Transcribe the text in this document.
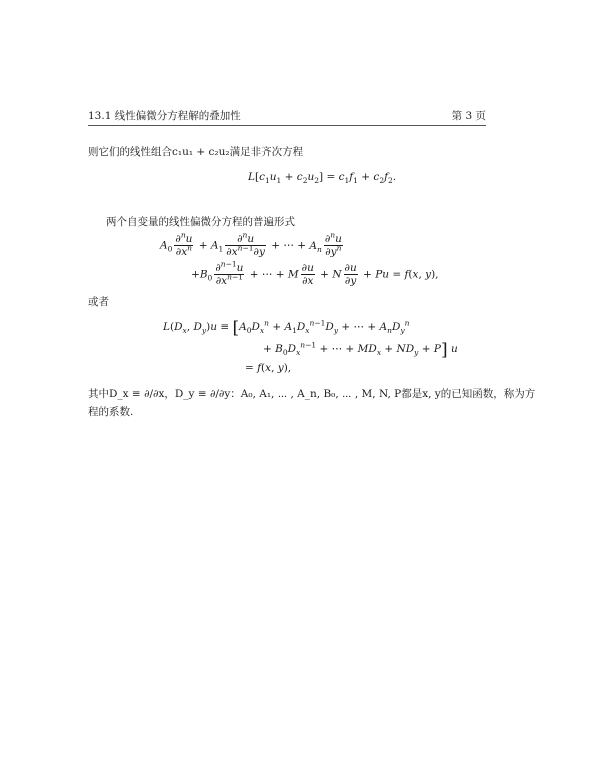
13.1 线性偏微分方程解的叠加性	第 3 页
则它们的线性组合c₁u₁ + c₂u₂满足非齐次方程
$L[c_1u_1 + c_2u_2] = c_1f_1 + c_2f_2$.
两个自变量的线性偏微分方程的普遍形式
$A_0 \frac{\partial^nu}{\partial x^n} + A_1 \frac{\partial^nu}{\partial x^{n-1}\partial y}$ + ⋯ + $A_n \frac{\partial^nu}{\partial y^n}$
$+B_0 \frac{\partial^{n-1}u}{\partial x^{n-1}}$ + ⋯ + M $\frac{\partial u}{\partial x} + N \frac{\partial u}{\partial y} + Pu = f(x$, y),
或者
$L(D_x$, $D_y)u \equiv [A_0D_x^n + A_1D_x^{n-1}D_y$ + ⋯ + $A_nD_y^n$
+ $B_0D_x^{n-1}$ + ⋯ + $MD_x + ND_y + P$] u
= f(x, y),
其中D_x ≡ ∂/∂x，D_y ≡ ∂/∂y：A₀, A₁, ⋯ , A_n, B₀, ⋯ , M, N, P都是x, y的已知函数，称为方
程的系数.
